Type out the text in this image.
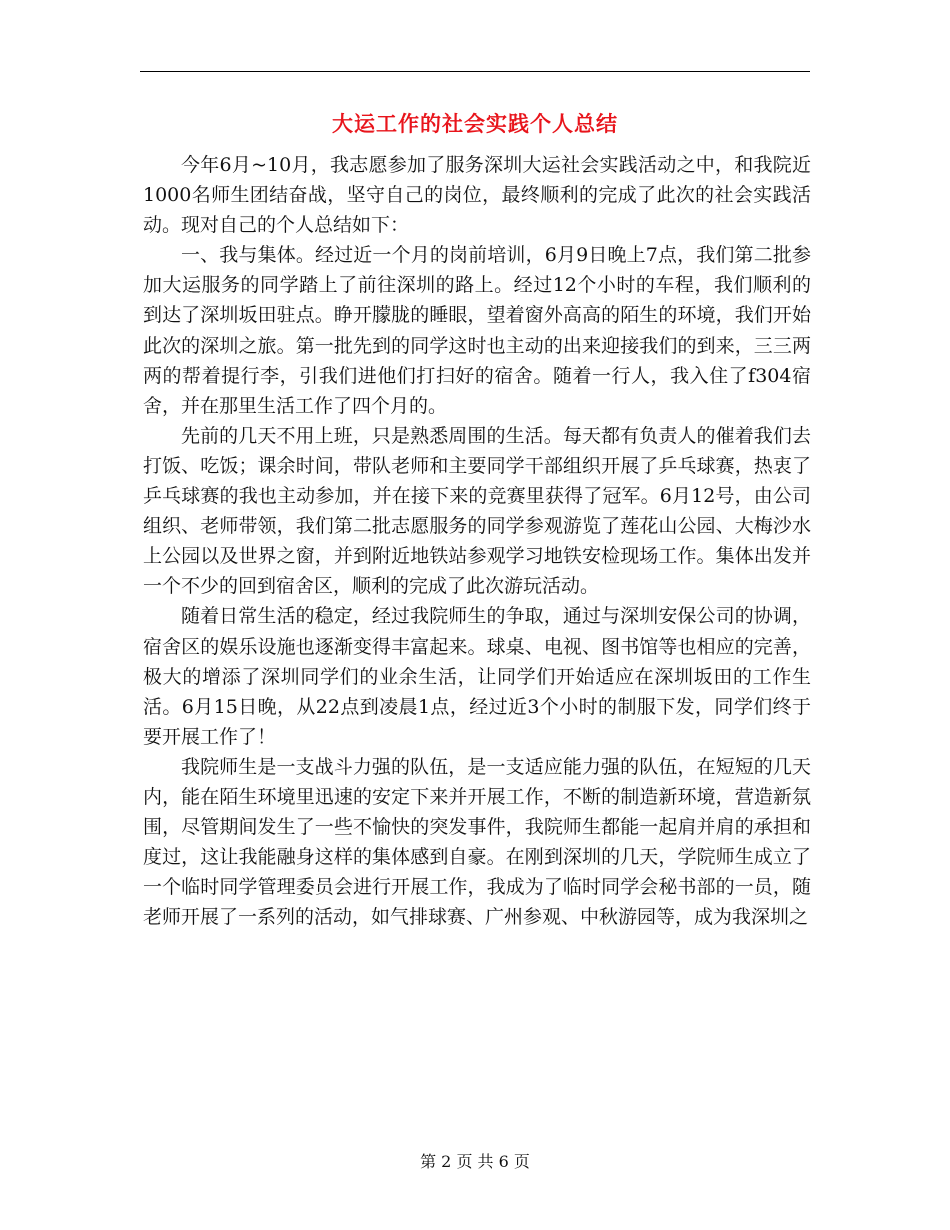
大运工作的社会实践个人总结

今年6月~10月，我志愿参加了服务深圳大运社会实践活动之中，和我院近1000名师生团结奋战，坚守自己的岗位，最终顺利的完成了此次的社会实践活动。现对自己的个人总结如下：

一、我与集体。经过近一个月的岗前培训，6月9日晚上7点，我们第二批参加大运服务的同学踏上了前往深圳的路上。经过12个小时的车程，我们顺利的到达了深圳坂田驻点。睁开朦胧的睡眼，望着窗外高高的陌生的环境，我们开始此次的深圳之旅。第一批先到的同学这时也主动的出来迎接我们的到来，三三两两的帮着提行李，引我们进他们打扫好的宿舍。随着一行人，我入住了f304宿舍，并在那里生活工作了四个月的。

先前的几天不用上班，只是熟悉周围的生活。每天都有负责人的催着我们去打饭、吃饭；课余时间，带队老师和主要同学干部组织开展了乒乓球赛，热衷了乒乓球赛的我也主动参加，并在接下来的竞赛里获得了冠军。6月12号，由公司组织、老师带领，我们第二批志愿服务的同学参观游览了莲花山公园、大梅沙水上公园以及世界之窗，并到附近地铁站参观学习地铁安检现场工作。集体出发并一个不少的回到宿舍区，顺利的完成了此次游玩活动。

随着日常生活的稳定，经过我院师生的争取，通过与深圳安保公司的协调，宿舍区的娱乐设施也逐渐变得丰富起来。球桌、电视、图书馆等也相应的完善，极大的增添了深圳同学们的业余生活，让同学们开始适应在深圳坂田的工作生活。6月15日晚，从22点到凌晨1点，经过近3个小时的制服下发，同学们终于要开展工作了！

我院师生是一支战斗力强的队伍，是一支适应能力强的队伍，在短短的几天内，能在陌生环境里迅速的安定下来并开展工作，不断的制造新环境，营造新氛围，尽管期间发生了一些不愉快的突发事件，我院师生都能一起肩并肩的承担和度过，这让我能融身这样的集体感到自豪。在刚到深圳的几天，学院师生成立了一个临时同学管理委员会进行开展工作，我成为了临时同学会秘书部的一员，随老师开展了一系列的活动，如气排球赛、广州参观、中秋游园等，成为我深圳之

第 2 页 共 6 页
